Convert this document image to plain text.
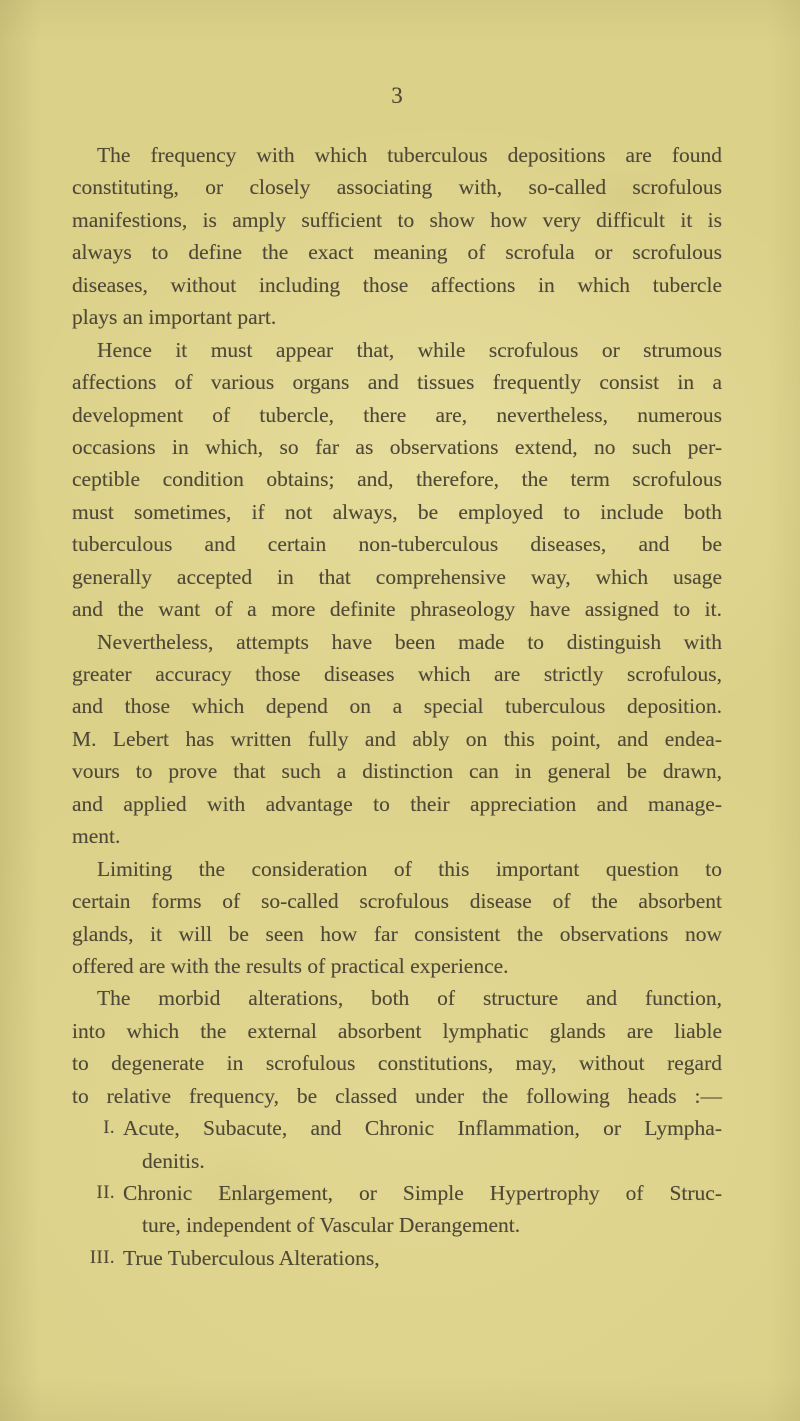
3
The frequency with which tuberculous depositions are found
constituting, or closely associating with, so-called scrofulous
manifestions, is amply sufficient to show how very difficult it is
always to define the exact meaning of scrofula or scrofulous
diseases, without including those affections in which tubercle
plays an important part.
Hence it must appear that, while scrofulous or strumous
affections of various organs and tissues frequently consist in a
development of tubercle, there are, nevertheless, numerous
occasions in which, so far as observations extend, no such per-
ceptible condition obtains; and, therefore, the term scrofulous
must sometimes, if not always, be employed to include both
tuberculous and certain non-tuberculous diseases, and be
generally accepted in that comprehensive way, which usage
and the want of a more definite phraseology have assigned to it.
Nevertheless, attempts have been made to distinguish with
greater accuracy those diseases which are strictly scrofulous,
and those which depend on a special tuberculous deposition.
M. Lebert has written fully and ably on this point, and endea-
vours to prove that such a distinction can in general be drawn,
and applied with advantage to their appreciation and manage-
ment.
Limiting the consideration of this important question to
certain forms of so-called scrofulous disease of the absorbent
glands, it will be seen how far consistent the observations now
offered are with the results of practical experience.
The morbid alterations, both of structure and function,
into which the external absorbent lymphatic glands are liable
to degenerate in scrofulous constitutions, may, without regard
to relative frequency, be classed under the following heads :—
I. Acute, Subacute, and Chronic Inflammation, or Lympha-
denitis.
II. Chronic Enlargement, or Simple Hypertrophy of Struc-
ture, independent of Vascular Derangement.
III. True Tuberculous Alterations,
